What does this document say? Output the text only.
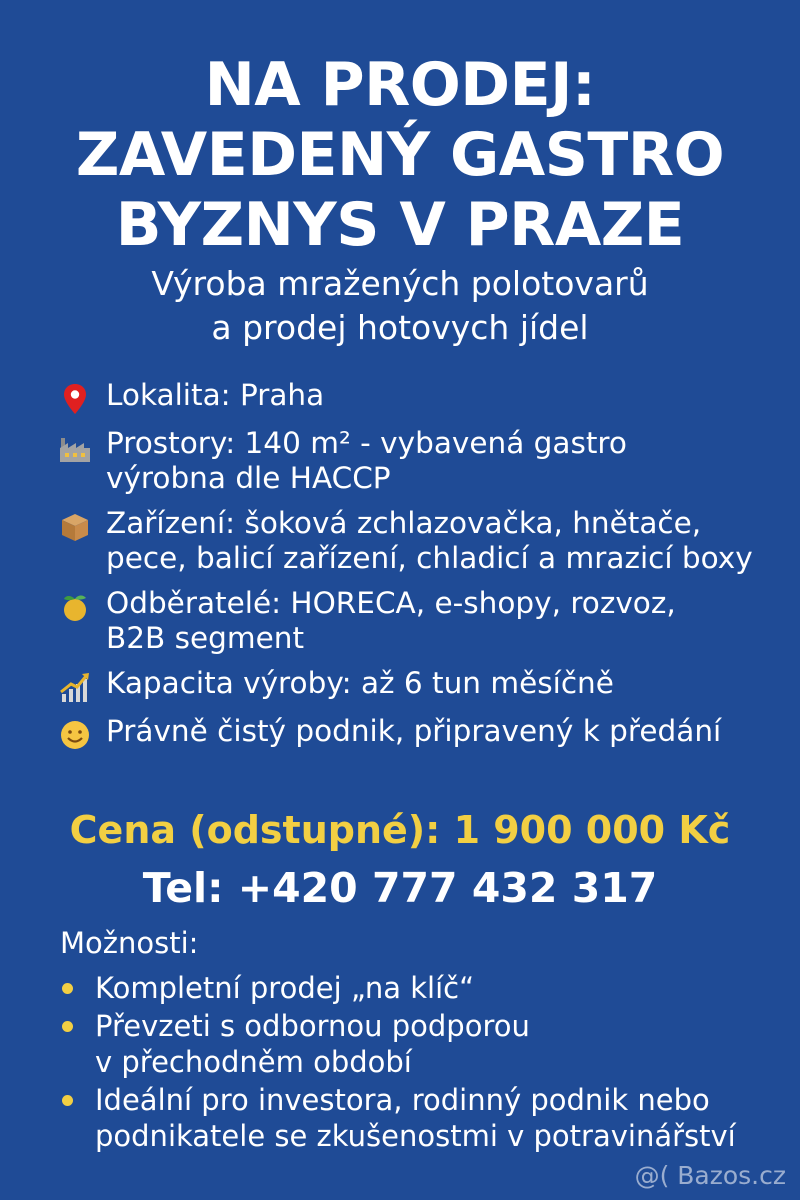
NA PRODEJ:
ZAVEDENÝ GASTRO
BYZNYS V PRAZE
Výroba mražených polotovarů
a prodej hotovych jídel
Lokalita: Praha
Prostory: 140 m² - vybavená gastro
výrobna dle HACCP
Zařízení: šoková zchlazovačka, hnětače,
pece, balicí zařízení, chladicí a mrazicí boxy
Odběratelé: HORECA, e-shopy, rozvoz,
B2B segment
Kapacita výroby: až 6 tun měsíčně
Právně čistý podnik, připravený k předání
Cena (odstupné): 1 900 000 Kč
Tel: +420 777 432 317
Možnosti:
Kompletní prodej „na klíč“
Převzeti s odbornou podporou
v přechodněm období
Ideální pro investora, rodinný podnik nebo
podnikatele se zkušenostmi v potravinářství
@( Bazos.cz
